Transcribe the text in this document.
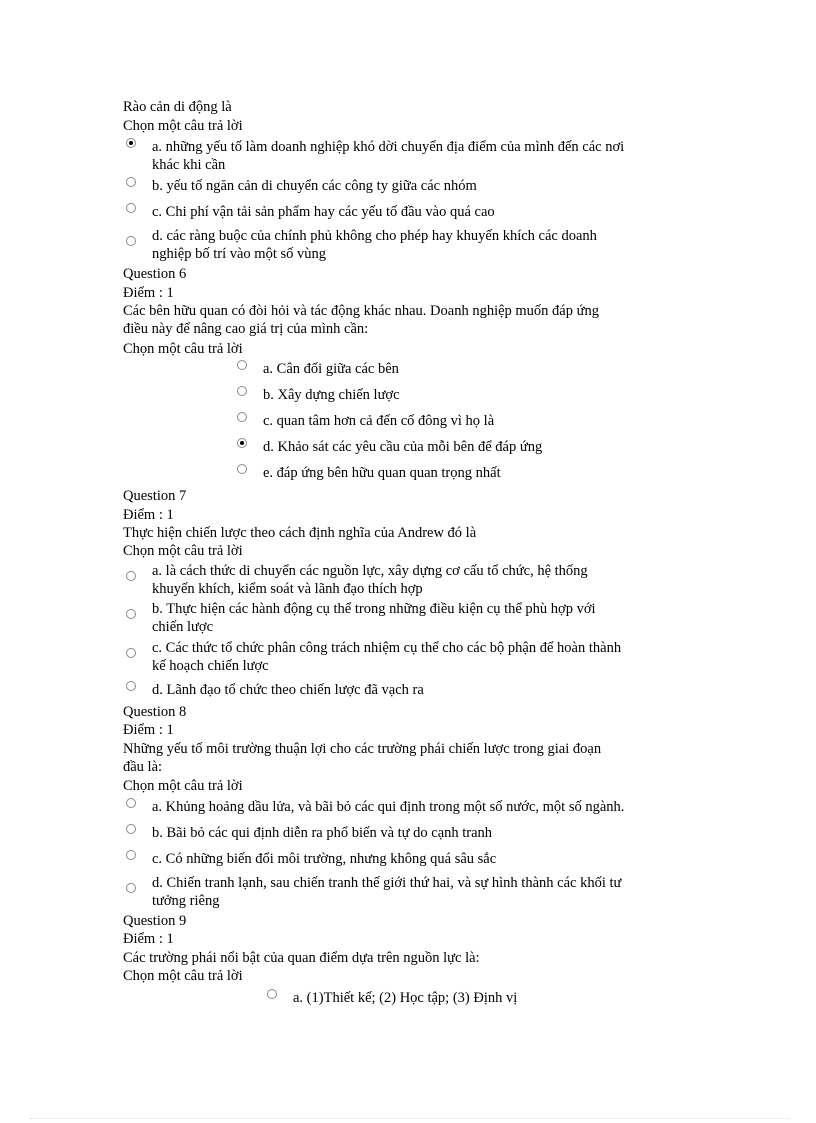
Rào cản di động là
Chọn một câu trả lời
a. những yếu tố làm doanh nghiệp khó dời chuyển địa điểm của mình đến các nơi
khác khi cần
b. yếu tố ngăn cản di chuyển các công ty giữa các nhóm
c. Chi phí vận tải sản phẩm hay các yếu tố đầu vào quá cao
d. các ràng buộc của chính phủ không cho phép hay khuyến khích các doanh
nghiệp bố trí vào một số vùng
Question 6
Điểm : 1
Các bên hữu quan có đòi hỏi và tác động khác nhau. Doanh nghiệp muốn đáp ứng
điều này để nâng cao giá trị của mình cần:
Chọn một câu trả lời
a. Cân đối giữa các bên
b. Xây dựng chiến lược
c. quan tâm hơn cả đến cổ đông vì họ là
d. Khảo sát các yêu cầu của mỗi bên để đáp ứng
e. đáp ứng bên hữu quan quan trọng nhất
Question 7
Điểm : 1
Thực hiện chiến lược theo cách định nghĩa của Andrew đó là
Chọn một câu trả lời
a. là cách thức di chuyển các nguồn lực, xây dựng cơ cấu tổ chức, hệ thống
khuyến khích, kiểm soát và lãnh đạo thích hợp
b. Thực hiện các hành động cụ thể trong những điều kiện cụ thể phù hợp với
chiến lược
c. Các thức tổ chức phân công trách nhiệm cụ thể cho các bộ phận để hoàn thành
kế hoạch chiến lược
d. Lãnh đạo tổ chức theo chiến lược đã vạch ra
Question 8
Điểm : 1
Những yếu tố môi trường thuận lợi cho các trường phái chiến lược trong giai đoạn
đầu là:
Chọn một câu trả lời
a. Khủng hoảng dầu lửa, và bãi bỏ các qui định trong một số nước, một số ngành.
b. Bãi bỏ các qui định diễn ra phổ biến và tự do cạnh tranh
c. Có những biến đổi môi trường, nhưng không quá sâu sắc
d. Chiến tranh lạnh, sau chiến tranh thế giới thứ hai, và sự hình thành các khối tư
tưởng riêng
Question 9
Điểm : 1
Các trường phái nổi bật của quan điểm dựa trên nguồn lực là:
Chọn một câu trả lời
a. (1)Thiết kế; (2) Học tập; (3) Định vị
